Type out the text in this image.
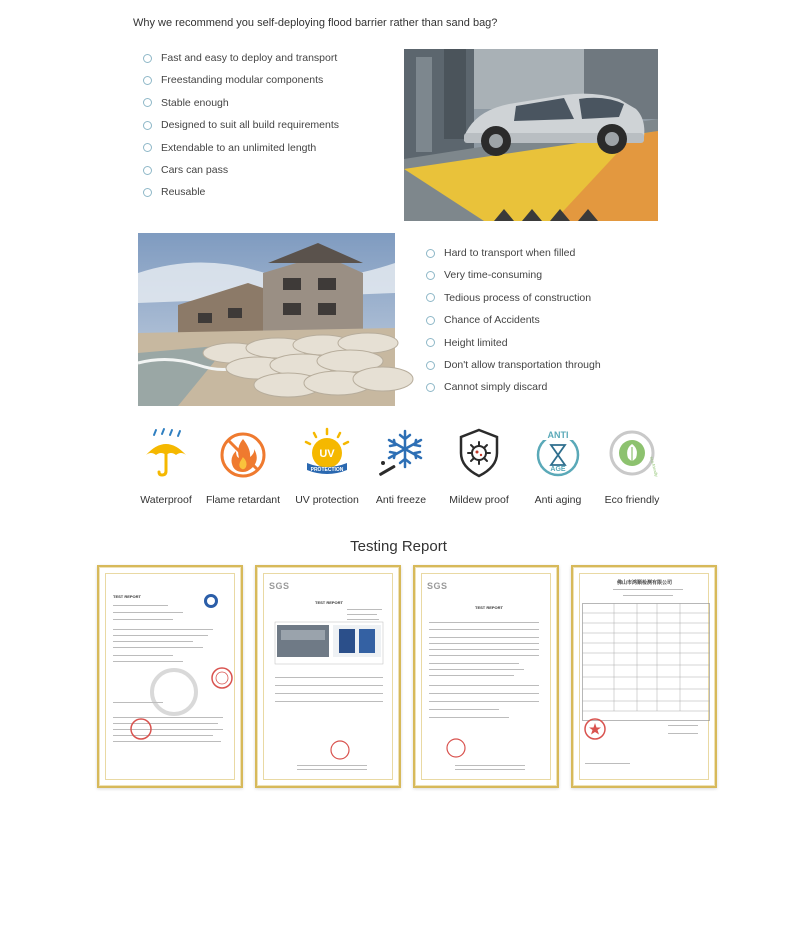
Why we recommend you self-deploying flood barrier rather than sand bag?
Fast and easy to deploy and transport
Freestanding modular components
Stable enough
Designed to suit all build requirements
Extendable to an unlimited length
Cars can pass
Reusable
Hard to transport when filled
Very time-consuming
Tedious process of construction
Chance of Accidents
Height limited
Don't allow transportation through
Cannot simply discard
Waterproof	Flame retardant
UV
PROTECTION
UV protection	Anti freeze	Mildew proof
ANTI
AGE
Anti aging
eco-friendly
Eco friendly
Testing Report
TEST REPORT
SGS
TEST REPORT
SGS
TEST REPORT
佛山市鸿顺检测有限公司
